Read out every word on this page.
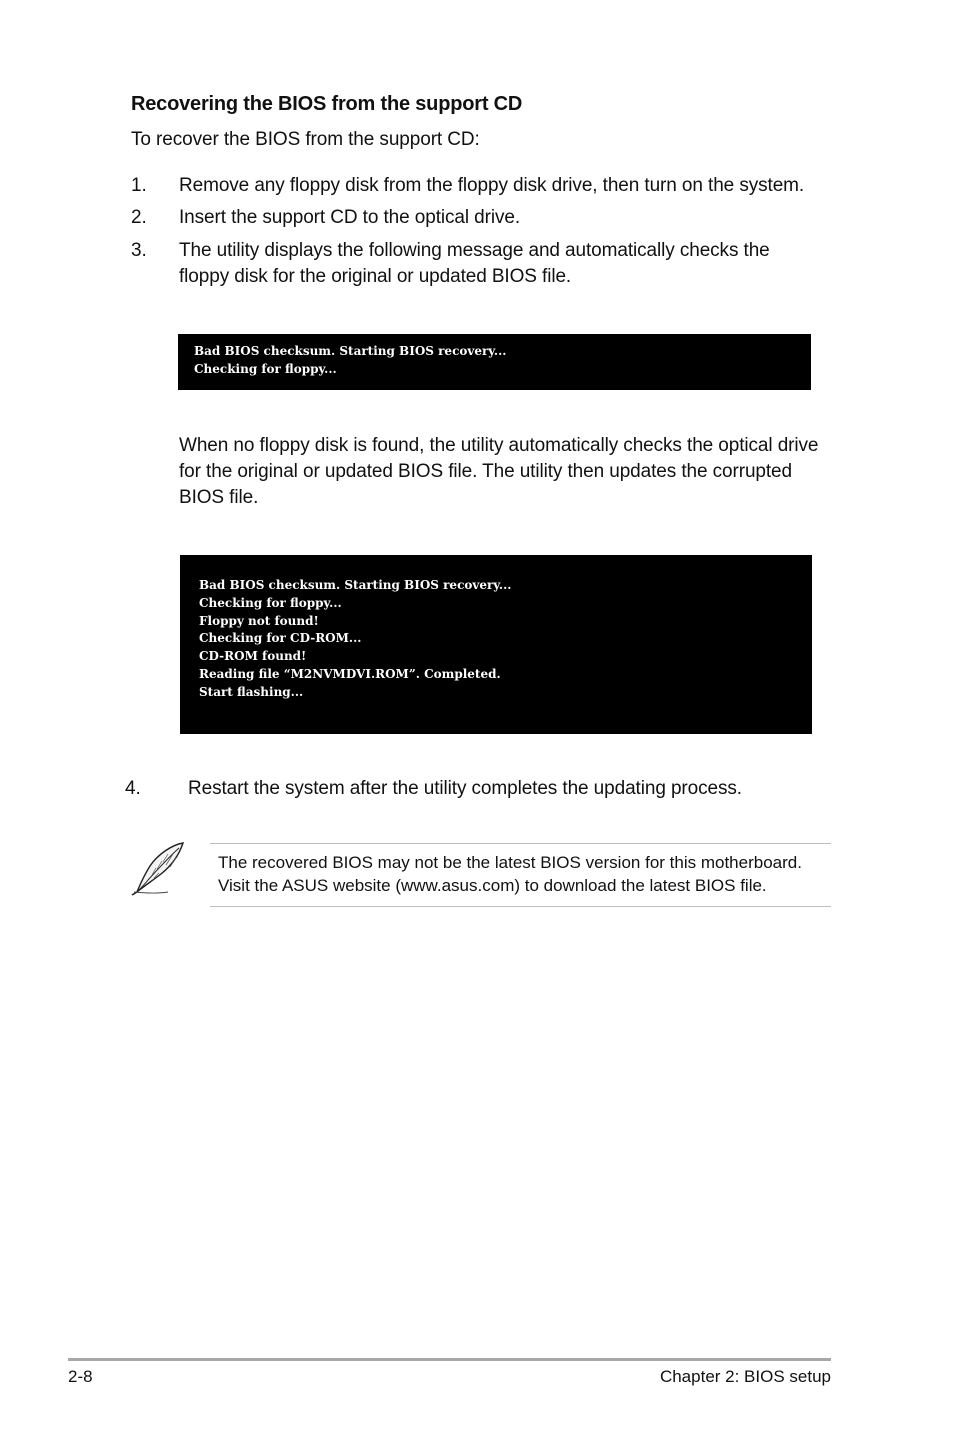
Recovering the BIOS from the support CD
To recover the BIOS from the support CD:
1. Remove any floppy disk from the floppy disk drive, then turn on the system.
2. Insert the support CD to the optical drive.
3. The utility displays the following message and automatically checks the
floppy disk for the original or updated BIOS file.
Bad BIOS checksum. Starting BIOS recovery...
Checking for floppy...
When no floppy disk is found, the utility automatically checks the optical drive
for the original or updated BIOS file. The utility then updates the corrupted
BIOS file.
Bad BIOS checksum. Starting BIOS recovery...
Checking for floppy...
Floppy not found!
Checking for CD-ROM...
CD-ROM found!
Reading file “M2NVMDVI.ROM”. Completed.
Start flashing...
4. Restart the system after the utility completes the updating process.
The recovered BIOS may not be the latest BIOS version for this motherboard.
Visit the ASUS website (www.asus.com) to download the latest BIOS file.
2-8	Chapter 2: BIOS setup
